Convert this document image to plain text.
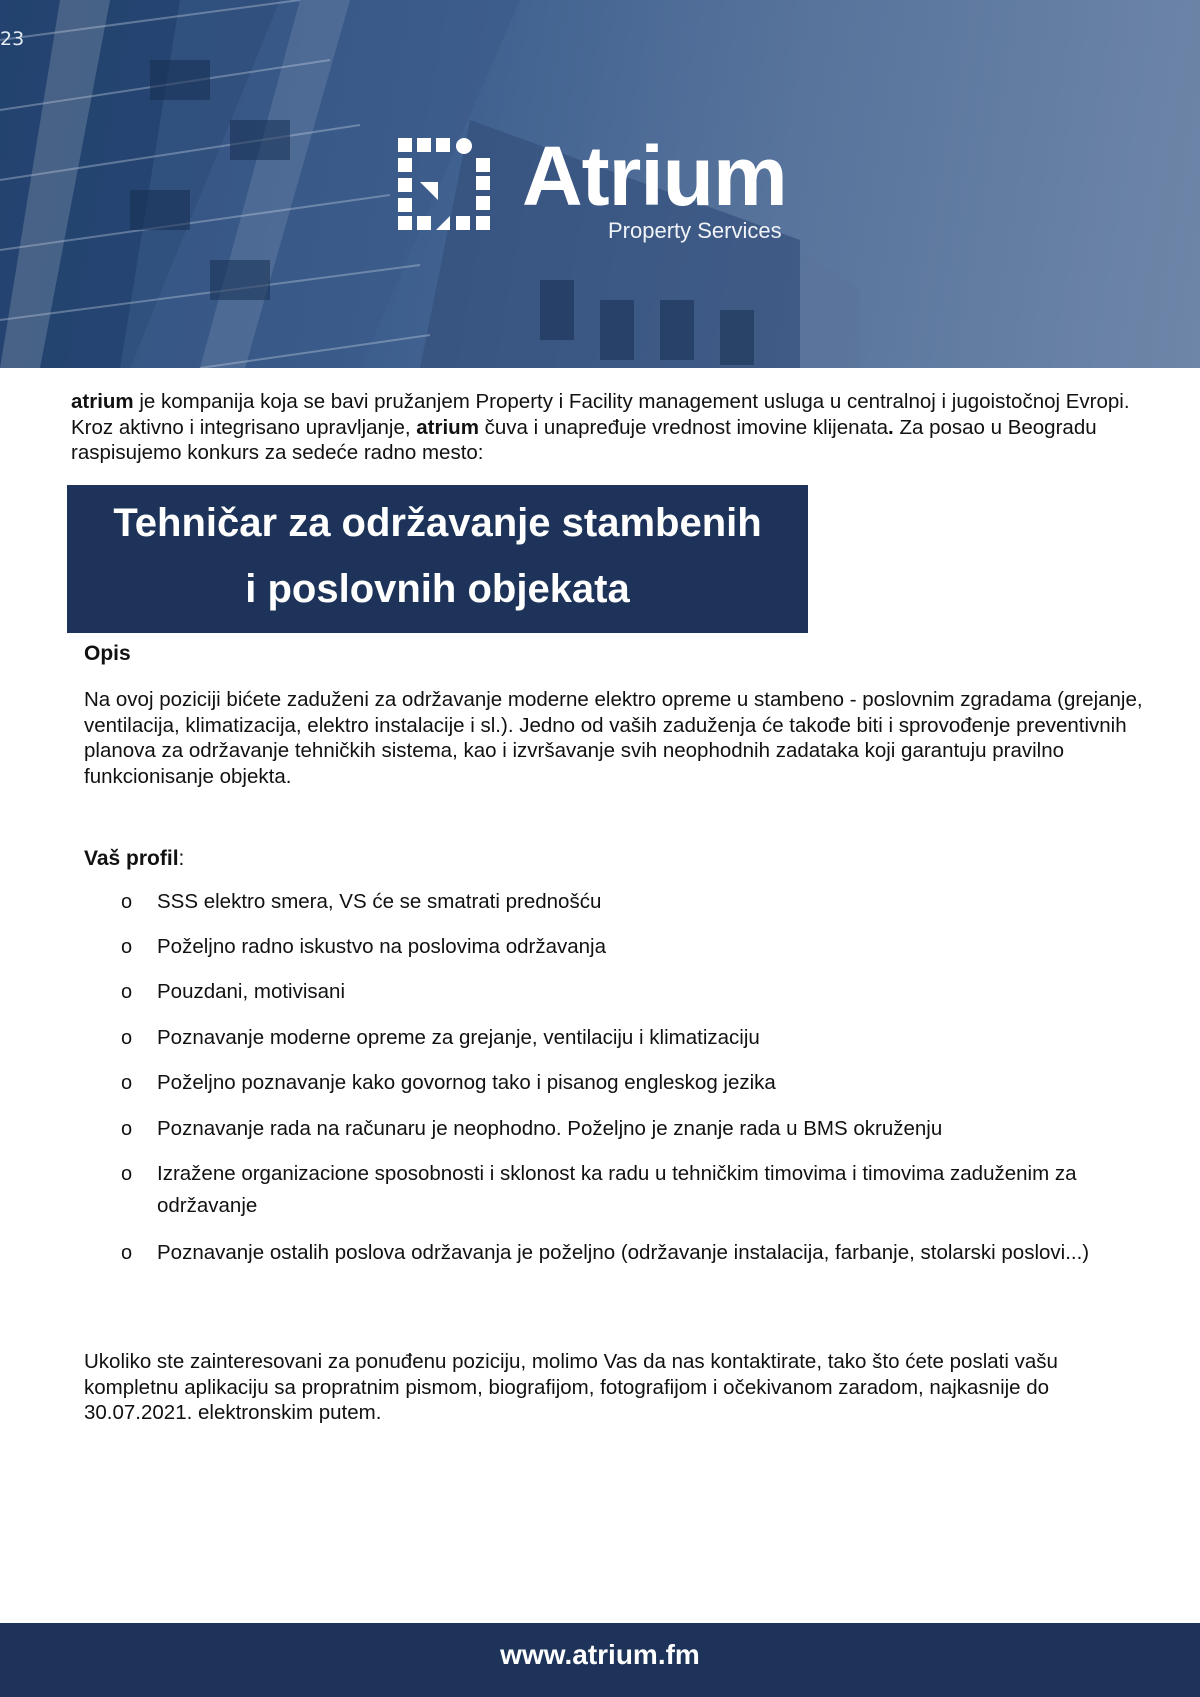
23
Atrium
Property Services
atrium je kompanija koja se bavi pružanjem Property i Facility management usluga u centralnoj i jugoistočnoj Evropi. Kroz aktivno i integrisano upravljanje, atrium čuva i unapređuje vrednost imovine klijenata. Za posao u Beogradu raspisujemo konkurs za sedeće radno mesto:
Tehničar za održavanje stambenih
i poslovnih objekata
Opis
Na ovoj poziciji bićete zaduženi za održavanje moderne elektro opreme u stambeno - poslovnim zgradama (grejanje, ventilacija, klimatizacija, elektro instalacije i sl.). Jedno od vaših zaduženja će takođe biti i sprovođenje preventivnih planova za održavanje tehničkih sistema, kao i izvršavanje svih neophodnih zadataka koji garantuju pravilno funkcionisanje objekta.
Vaš profil:
o SSS elektro smera, VS će se smatrati prednošću
o Poželjno radno iskustvo na poslovima održavanja
o Pouzdani, motivisani
o Poznavanje moderne opreme za grejanje, ventilaciju i klimatizaciju
o Poželjno poznavanje kako govornog tako i pisanog engleskog jezika
o Poznavanje rada na računaru je neophodno. Poželjno je znanje rada u BMS okruženju
o Izražene organizacione sposobnosti i sklonost ka radu u tehničkim timovima i timovima zaduženim za održavanje
o Poznavanje ostalih poslova održavanja je poželjno (održavanje instalacija, farbanje, stolarski poslovi...)
Ukoliko ste zainteresovani za ponuđenu poziciju, molimo Vas da nas kontaktirate, tako što ćete poslati vašu kompletnu aplikaciju sa propratnim pismom, biografijom, fotografijom i očekivanom zaradom, najkasnije do 30.07.2021. elektronskim putem.
www.atrium.fm
